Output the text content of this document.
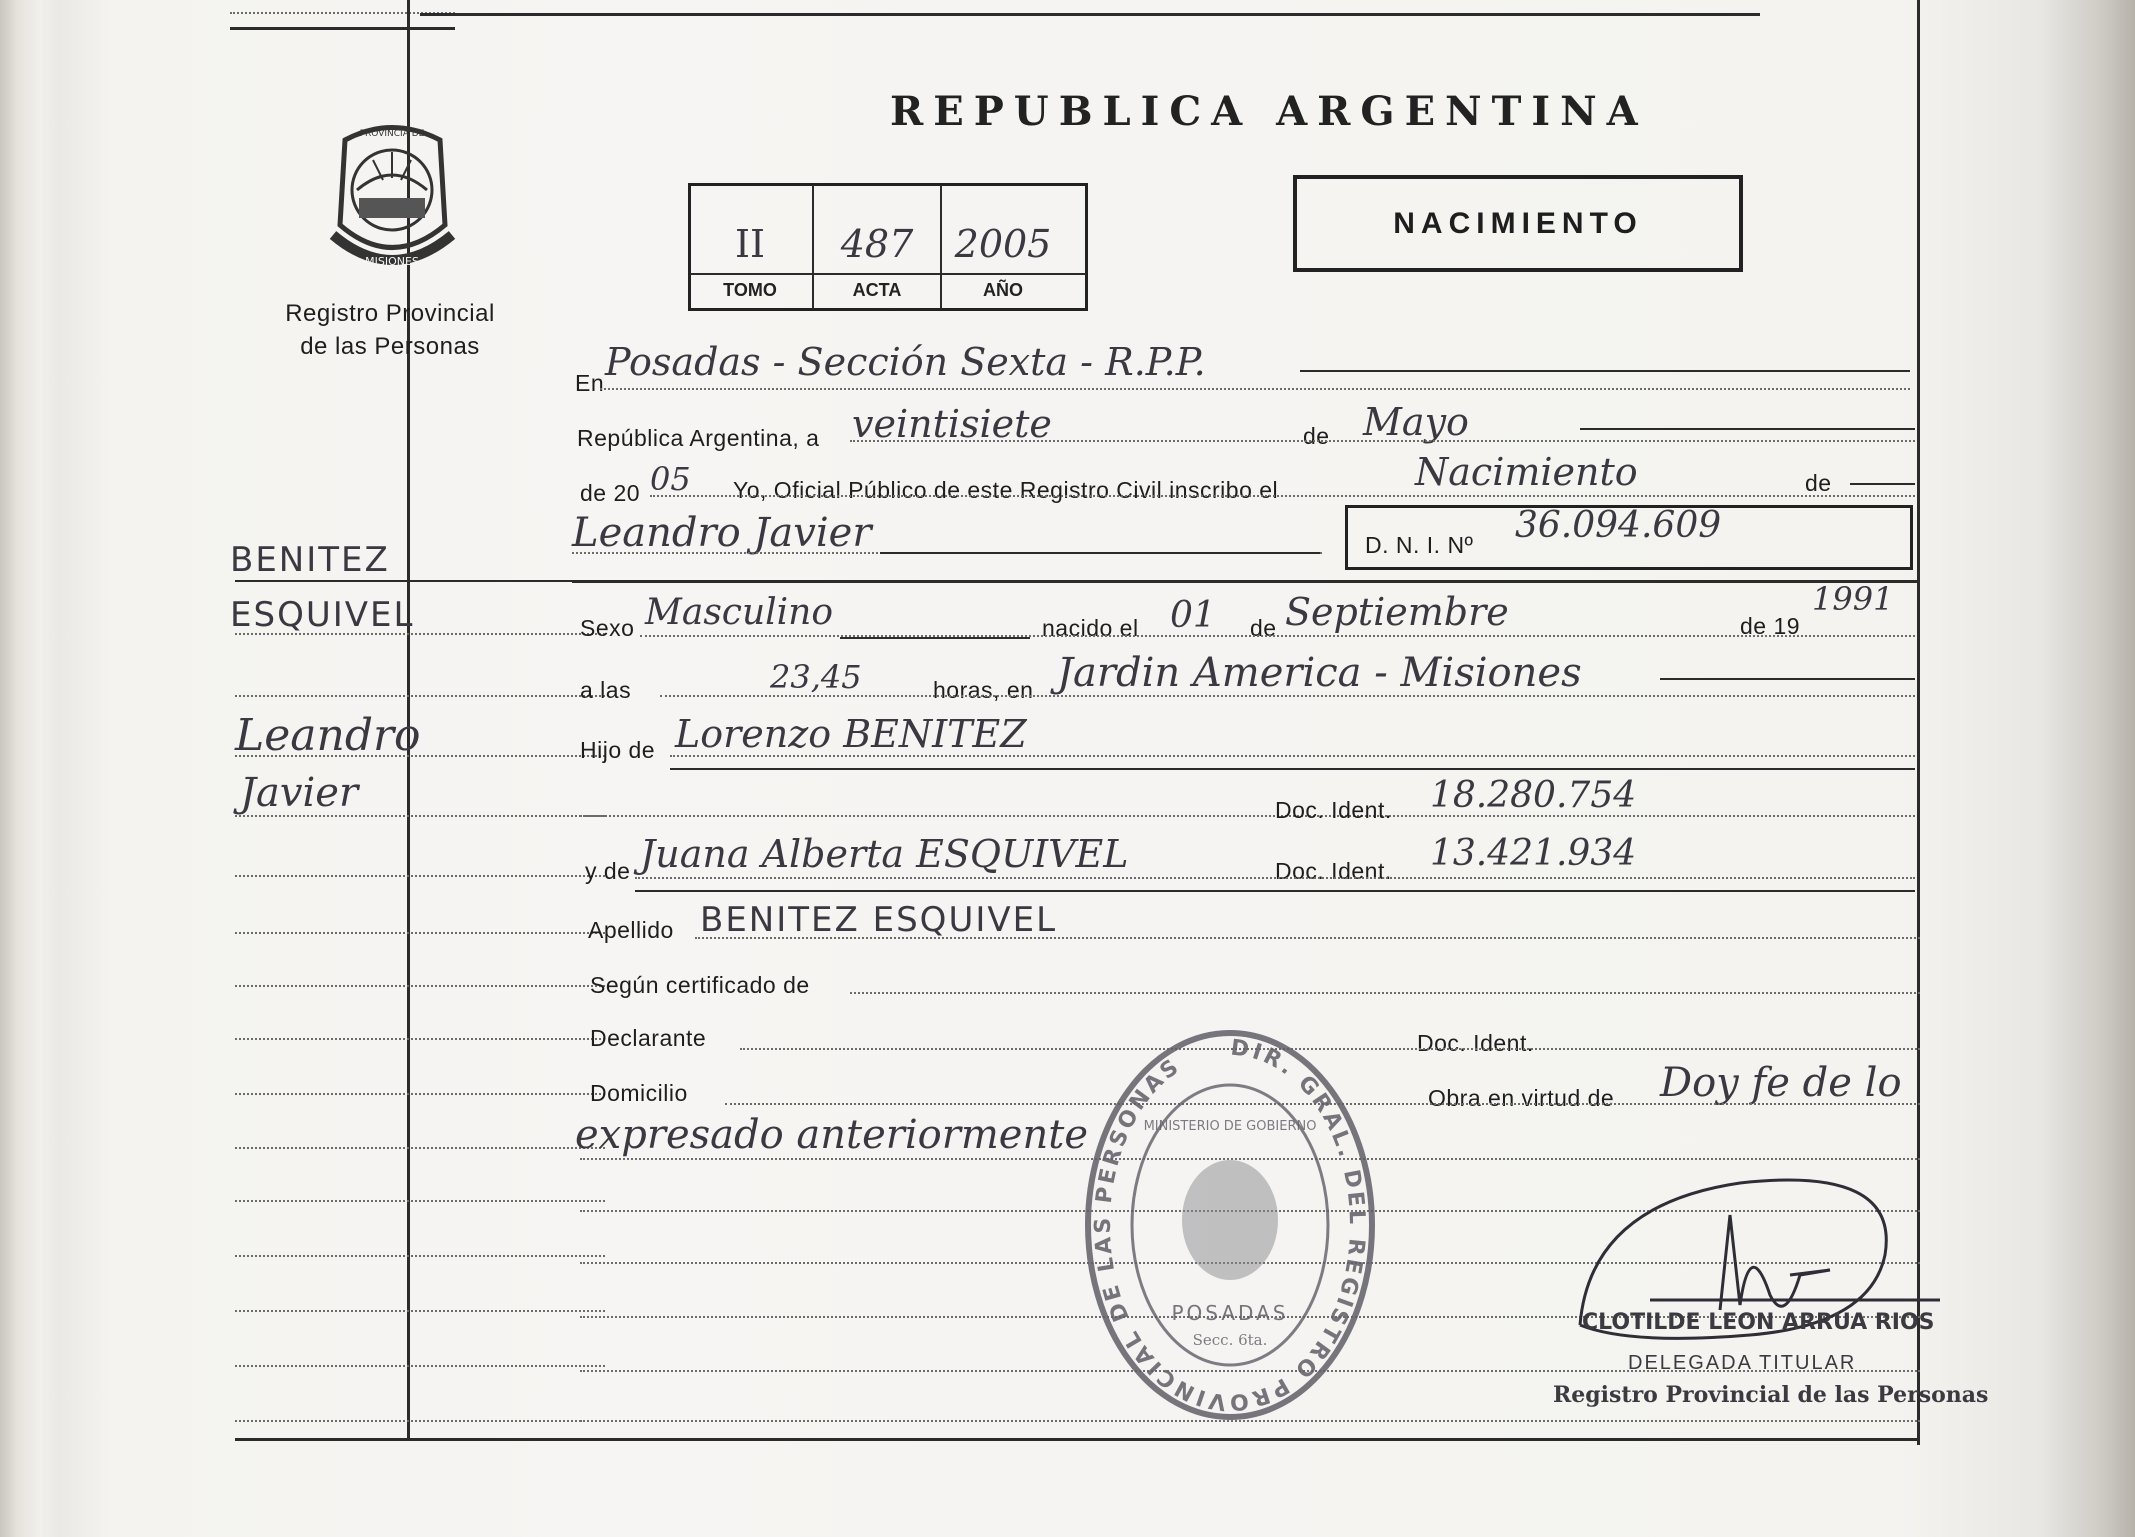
MISIONES
PROVINCIA DE
Registro Provincial
de las Personas
BENITEZ
ESQUIVEL
Leandro
Javier
REPUBLICA ARGENTINA
II	487	2005
TOMO	ACTA	AÑO
NACIMIENTO
En Posadas - Sección Sexta - R.P.P.
República Argentina, a veintisiete	de Mayo
de 20 05 Yo, Oficial Público de este Registro Civil inscribo el	Nacimiento	de
Leandro Javier	D. N. I. Nº 36.094.609
Sexo Masculino	nacido el 01 de Septiembre	de 19
1991
a las	23,45	horas, en Jardin America - Misiones
Hijo de Lorenzo BENITEZ
Doc. Ident. 18.280.754
y de Juana Alberta ESQUIVEL	Doc. Ident. 13.421.934
Apellido BENITEZ ESQUIVEL
Según certificado de
Declarante	Doc. Ident.
Domicilio	Obra en virtud de Doy fe de lo
expresado anteriormente
DIR. GRAL. DEL REGISTRO PROVINCIAL DE LAS PERSONAS
MINISTERIO DE GOBIERNO
POSADAS
Secc. 6ta.
CLOTILDE LEON ARRUA RIOS
DELEGADA TITULAR
Registro Provincial de las Personas
